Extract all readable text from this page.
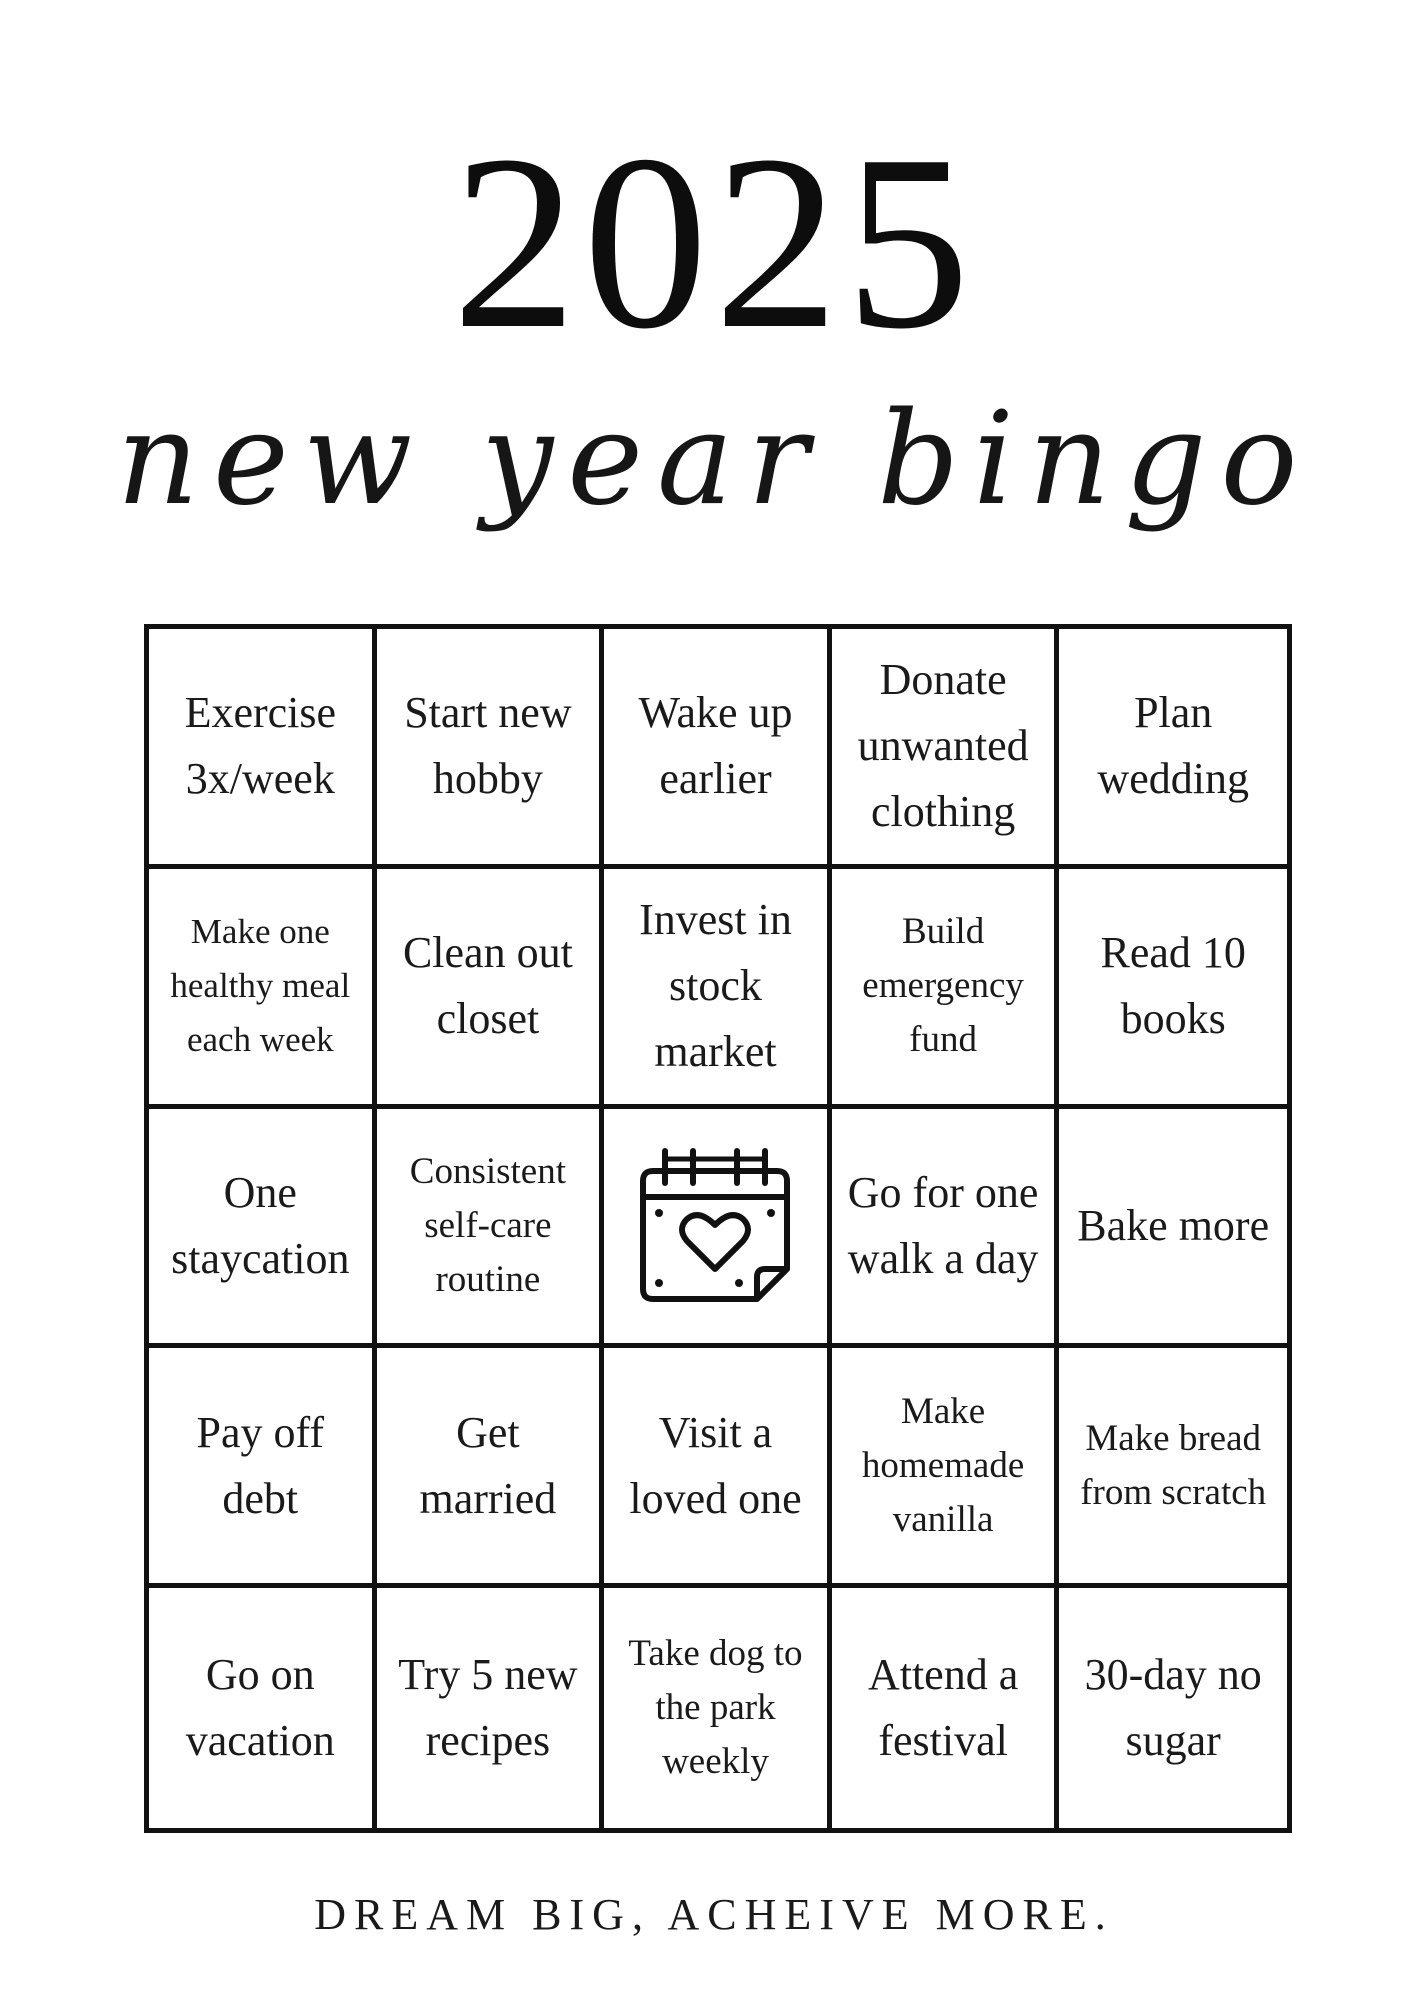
2025
new year bingo
Exercise 3x/week
Start new hobby
Wake up earlier
Donate unwanted clothing
Plan wedding
Make one healthy meal each week
Clean out closet
Invest in stock market
Build emergency fund
Read 10 books
One staycation
Consistent self-care routine
Go for one walk a day
Bake more
Pay off debt
Get married
Visit a loved one
Make homemade vanilla
Make bread from scratch
Go on vacation
Try 5 new recipes
Take dog to the park weekly
Attend a festival
30-day no sugar
DREAM BIG, ACHEIVE MORE.
